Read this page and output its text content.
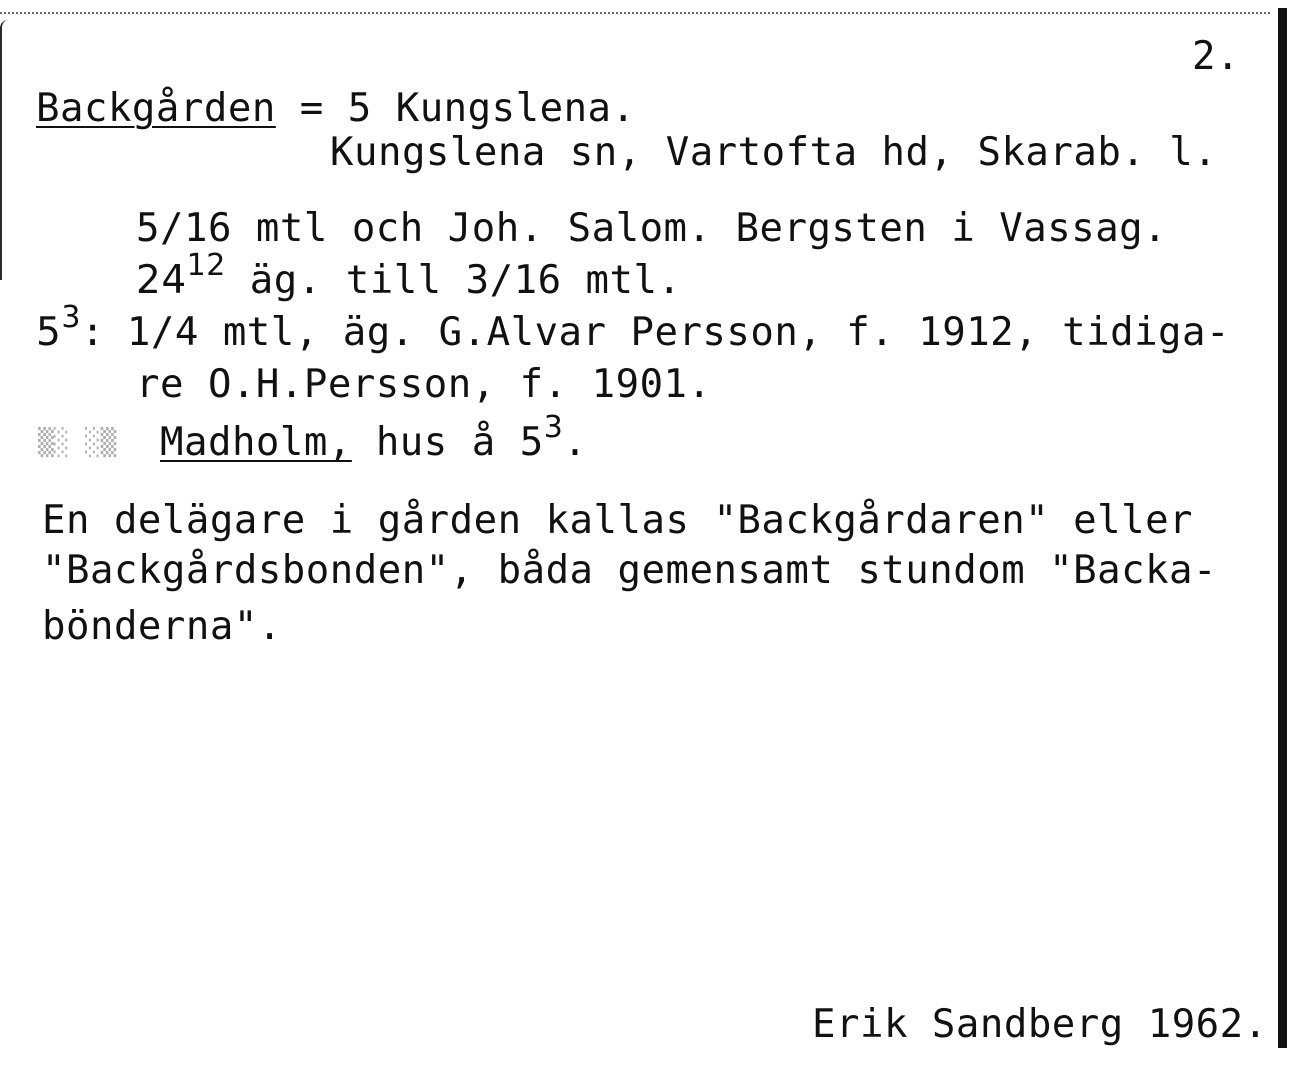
2.
Backgården = 5 Kungslena.
Kungslena sn, Vartofta hd, Skarab. l.
5/16 mtl och Joh. Salom. Bergsten i Vassag.
$24^{12}$ äg. till 3/16 mtl.
$5^3$: 1/4 mtl, äg. G.Alvar Persson, f. 1912, tidiga-
re O.H.Persson, f. 1901.
▒░ ░▒ Madholm, hus å $5^3$.
En delägare i gården kallas "Backgårdaren" eller
"Backgårdsbonden", båda gemensamt stundom "Backa-
bönderna".
Erik Sandberg 1962.
